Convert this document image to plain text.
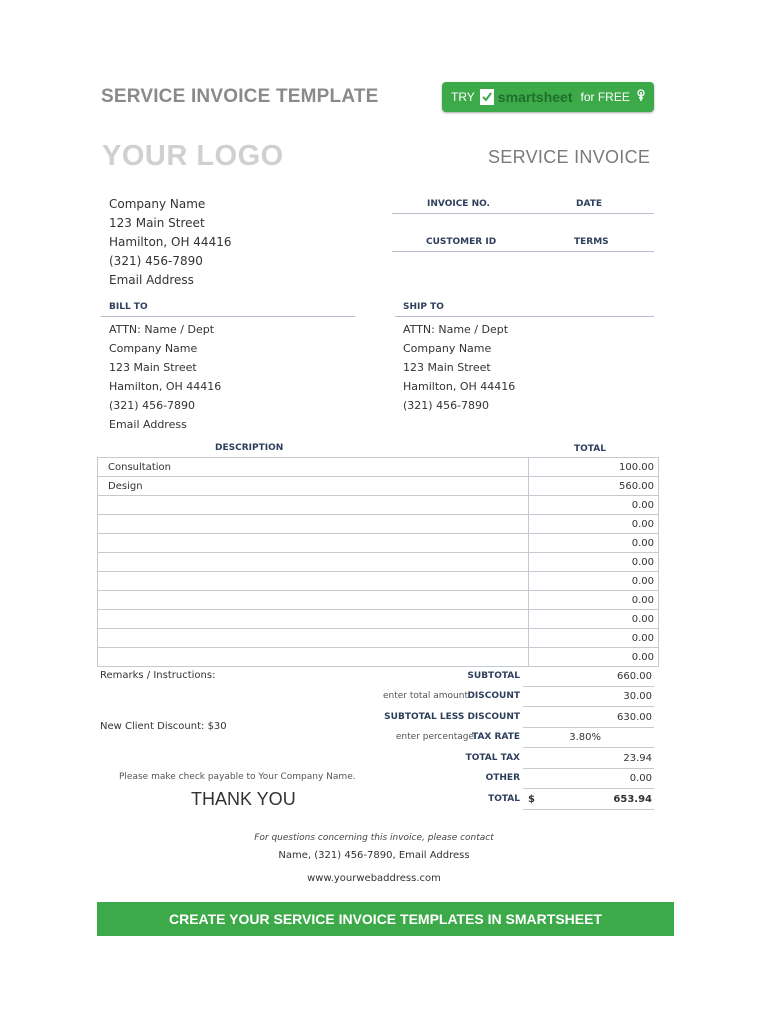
SERVICE INVOICE TEMPLATE	TRY smartsheet for FREE
YOUR LOGO	SERVICE INVOICE
Company Name
123 Main Street
Hamilton, OH 44416
(321) 456-7890
Email Address
INVOICE NO.	DATE
CUSTOMER ID	TERMS
BILL TO
ATTN: Name / Dept
Company Name
123 Main Street
Hamilton, OH 44416
(321) 456-7890
Email Address
SHIP TO
ATTN: Name / Dept
Company Name
123 Main Street
Hamilton, OH 44416
(321) 456-7890
DESCRIPTION	TOTAL
Consultation	100.00
Design	560.00
	0.00
	0.00
	0.00
	0.00
	0.00
	0.00
	0.00
	0.00
	0.00
Remarks / Instructions:
New Client Discount: $30
Please make check payable to Your Company Name.
THANK YOU
SUBTOTAL	660.00
enter total amount DISCOUNT	30.00
SUBTOTAL LESS DISCOUNT	630.00
enter percentage
TAX RATE	3.80%
TOTAL TAX	23.94
OTHER	0.00
TOTAL $	653.94
For questions concerning this invoice, please contact
Name, (321) 456-7890, Email Address
www.yourwebaddress.com
CREATE YOUR SERVICE INVOICE TEMPLATES IN SMARTSHEET
